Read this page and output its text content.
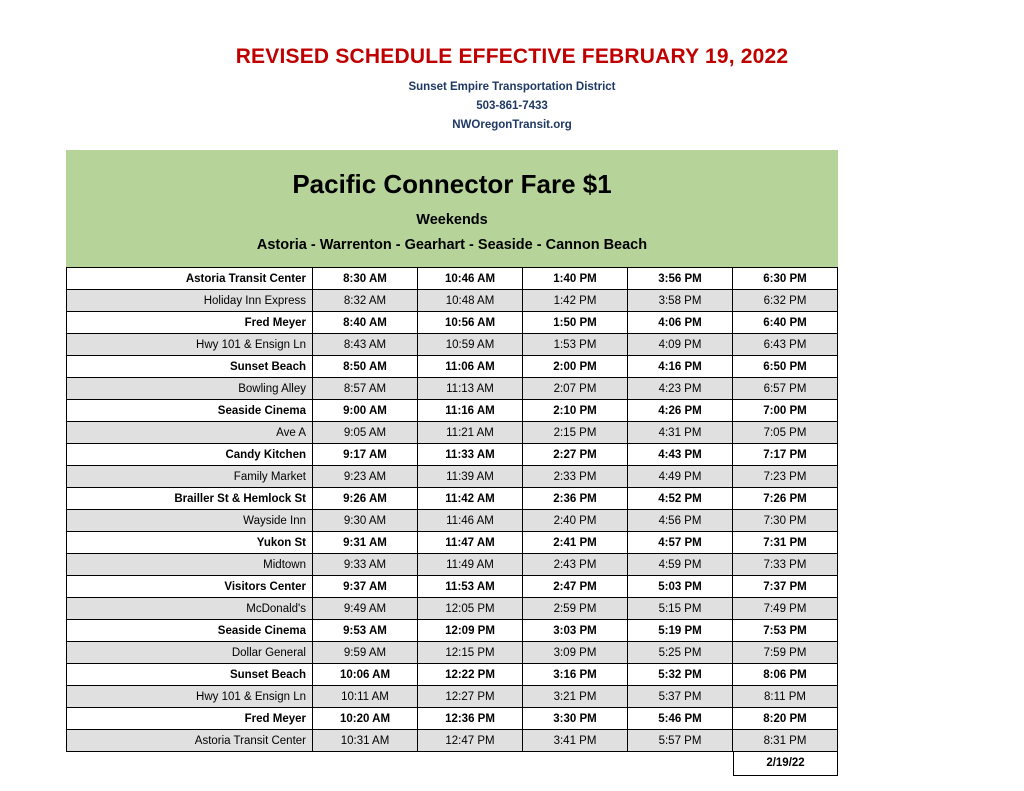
REVISED SCHEDULE EFFECTIVE FEBRUARY 19, 2022
Sunset Empire Transportation District
503-861-7433
NWOregonTransit.org
Pacific Connector Fare $1
Weekends
Astoria - Warrenton - Gearhart - Seaside - Cannon Beach
Astoria Transit Center	8:30 AM	10:46 AM	1:40 PM	3:56 PM	6:30 PM
Holiday Inn Express	8:32 AM	10:48 AM	1:42 PM	3:58 PM	6:32 PM
Fred Meyer	8:40 AM	10:56 AM	1:50 PM	4:06 PM	6:40 PM
Hwy 101 & Ensign Ln	8:43 AM	10:59 AM	1:53 PM	4:09 PM	6:43 PM
Sunset Beach	8:50 AM	11:06 AM	2:00 PM	4:16 PM	6:50 PM
Bowling Alley	8:57 AM	11:13 AM	2:07 PM	4:23 PM	6:57 PM
Seaside Cinema	9:00 AM	11:16 AM	2:10 PM	4:26 PM	7:00 PM
Ave A	9:05 AM	11:21 AM	2:15 PM	4:31 PM	7:05 PM
Candy Kitchen	9:17 AM	11:33 AM	2:27 PM	4:43 PM	7:17 PM
Family Market	9:23 AM	11:39 AM	2:33 PM	4:49 PM	7:23 PM
Brailler St & Hemlock St	9:26 AM	11:42 AM	2:36 PM	4:52 PM	7:26 PM
Wayside Inn	9:30 AM	11:46 AM	2:40 PM	4:56 PM	7:30 PM
Yukon St	9:31 AM	11:47 AM	2:41 PM	4:57 PM	7:31 PM
Midtown	9:33 AM	11:49 AM	2:43 PM	4:59 PM	7:33 PM
Visitors Center	9:37 AM	11:53 AM	2:47 PM	5:03 PM	7:37 PM
McDonald's	9:49 AM	12:05 PM	2:59 PM	5:15 PM	7:49 PM
Seaside Cinema	9:53 AM	12:09 PM	3:03 PM	5:19 PM	7:53 PM
Dollar General	9:59 AM	12:15 PM	3:09 PM	5:25 PM	7:59 PM
Sunset Beach	10:06 AM	12:22 PM	3:16 PM	5:32 PM	8:06 PM
Hwy 101 & Ensign Ln	10:11 AM	12:27 PM	3:21 PM	5:37 PM	8:11 PM
Fred Meyer	10:20 AM	12:36 PM	3:30 PM	5:46 PM	8:20 PM
Astoria Transit Center	10:31 AM	12:47 PM	3:41 PM	5:57 PM	8:31 PM
2/19/22
